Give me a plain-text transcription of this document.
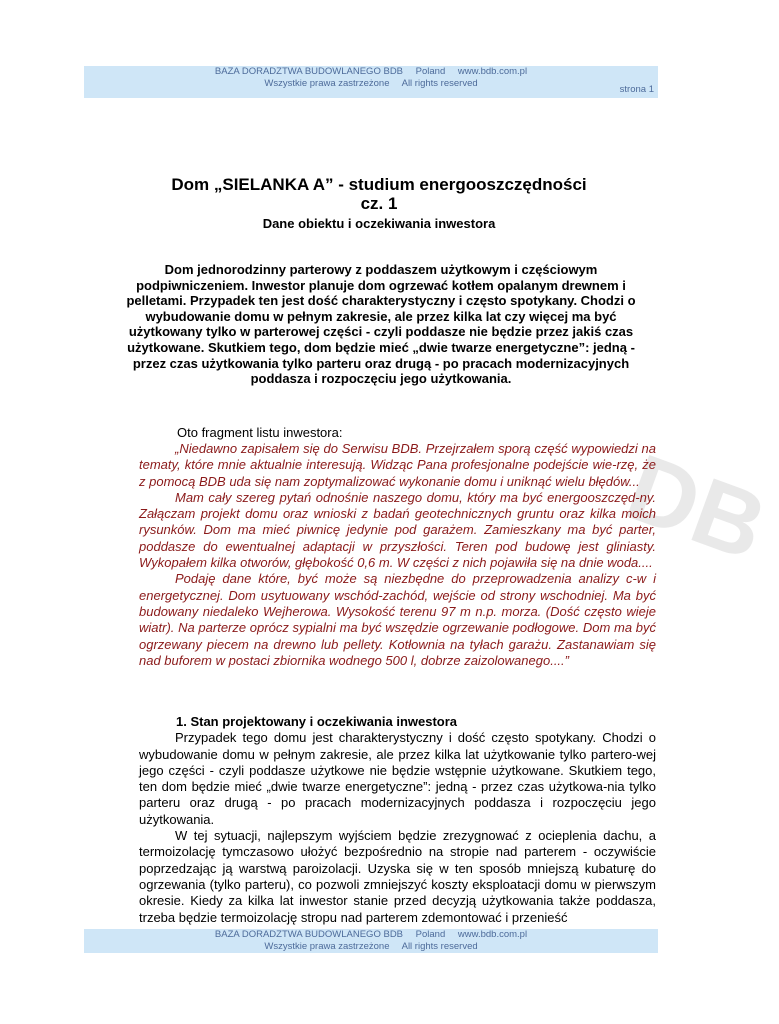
BAZA DORADZTWA BUDOWLANEGO BDB Poland www.bdb.com.pl
Wszystkie prawa zastrzeżone All rights reserved
strona 1
DB
Dom „SIELANKA A” - studium energooszczędności
cz. 1
Dane obiektu i oczekiwania inwestora

Dom jednorodzinny parterowy z poddaszem użytkowym i częściowym podpiwniczeniem. Inwestor planuje dom ogrzewać kotłem opalanym drewnem i pelletami. Przypadek ten jest dość charakterystyczny i często spotykany. Chodzi o wybudowanie domu w pełnym zakresie, ale przez kilka lat czy więcej ma być użytkowany tylko w parterowej części - czyli poddasze nie będzie przez jakiś czas użytkowane. Skutkiem tego, dom będzie mieć „dwie twarze energetyczne”: jedną - przez czas użytkowania tylko parteru oraz drugą - po pracach modernizacyjnych poddasza i rozpoczęciu jego użytkowania.

Oto fragment listu inwestora:

„Niedawno zapisałem się do Serwisu BDB. Przejrzałem sporą część wypowiedzi na tematy, które mnie aktualnie interesują. Widząc Pana profesjonalne podejście wie-rzę, że z pomocą BDB uda się nam zoptymalizować wykonanie domu i uniknąć wielu błędów...

Mam cały szereg pytań odnośnie naszego domu, który ma być energooszczęd-ny. Załączam projekt domu oraz wnioski z badań geotechnicznych gruntu oraz kilka moich rysunków. Dom ma mieć piwnicę jedynie pod garażem. Zamieszkany ma być parter, poddasze do ewentualnej adaptacji w przyszłości. Teren pod budowę jest gliniasty. Wykopałem kilka otworów, głębokość 0,6 m. W części z nich pojawiła się na dnie woda....

Podaję dane które, być może są niezbędne do przeprowadzenia analizy c-w i energetycznej. Dom usytuowany wschód-zachód, wejście od strony wschodniej. Ma być budowany niedaleko Wejherowa. Wysokość terenu 97 m n.p. morza. (Dość często wieje wiatr). Na parterze oprócz sypialni ma być wszędzie ogrzewanie podłogowe. Dom ma być ogrzewany piecem na drewno lub pellety. Kotłownia na tyłach garażu. Zastanawiam się nad buforem w postaci zbiornika wodnego 500 l, dobrze zaizolowanego....”

1. Stan projektowany i oczekiwania inwestora

Przypadek tego domu jest charakterystyczny i dość często spotykany. Chodzi o wybudowanie domu w pełnym zakresie, ale przez kilka lat użytkowanie tylko partero-wej jego części - czyli poddasze użytkowe nie będzie wstępnie użytkowane. Skutkiem tego, ten dom będzie mieć „dwie twarze energetyczne”: jedną - przez czas użytkowa-nia tylko parteru oraz drugą - po pracach modernizacyjnych poddasza i rozpoczęciu jego użytkowania.

W tej sytuacji, najlepszym wyjściem będzie zrezygnować z ocieplenia dachu, a termoizolację tymczasowo ułożyć bezpośrednio na stropie nad parterem - oczywiście poprzedzając ją warstwą paroizolacji. Uzyska się w ten sposób mniejszą kubaturę do ogrzewania (tylko parteru), co pozwoli zmniejszyć koszty eksploatacji domu w pierwszym okresie. Kiedy za kilka lat inwestor stanie przed decyzją użytkowania także poddasza, trzeba będzie termoizolację stropu nad parterem zdemontować i przenieść

BAZA DORADZTWA BUDOWLANEGO BDB Poland www.bdb.com.pl
Wszystkie prawa zastrzeżone All rights reserved
